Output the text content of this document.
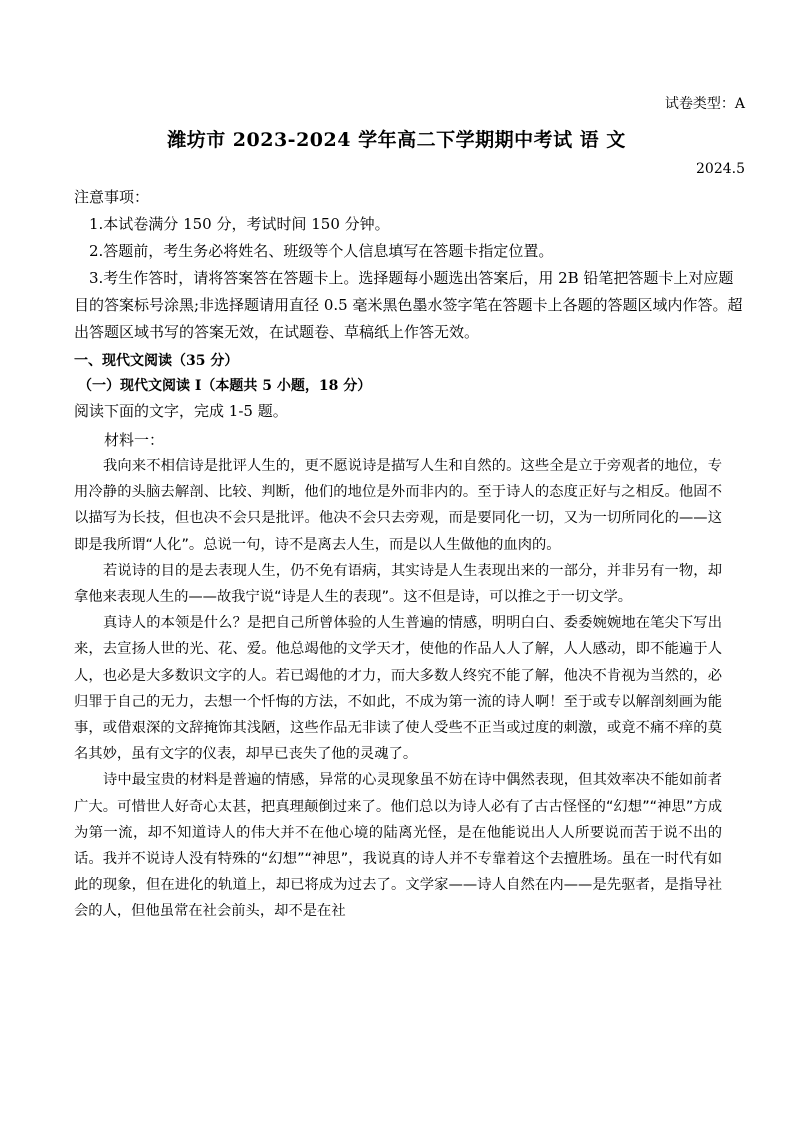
试卷类型：A
潍坊市 2023-2024 学年高二下学期期中考试 语 文
2024.5

注意事项：

1.本试卷满分 150 分，考试时间 150 分钟。

2.答题前，考生务必将姓名、班级等个人信息填写在答题卡指定位置。

3.考生作答时，请将答案答在答题卡上。选择题每小题选出答案后，用 2B 铅笔把答题卡上对应题目的答案标号涂黑;非选择题请用直径 0.5 毫米黑色墨水签字笔在答题卡上各题的答题区域内作答。超出答题区域书写的答案无效，在试题卷、草稿纸上作答无效。

一、现代文阅读（35 分）
（一）现代文阅读 I（本题共 5 小题，18 分）
阅读下面的文字，完成 1-5 题。
材料一：

我向来不相信诗是批评人生的，更不愿说诗是描写人生和自然的。这些全是立于旁观者的地位，专用冷静的头脑去解剖、比较、判断，他们的地位是外而非内的。至于诗人的态度正好与之相反。他固不以描写为长技，但也决不会只是批评。他决不会只去旁观，而是要同化一切，又为一切所同化的——这即是我所谓“人化”。总说一句，诗不是离去人生，而是以人生做他的血肉的。

若说诗的目的是去表现人生，仍不免有语病，其实诗是人生表现出来的一部分，并非另有一物，却拿他来表现人生的——故我宁说“诗是人生的表现”。这不但是诗，可以推之于一切文学。

真诗人的本领是什么？是把自己所曾体验的人生普遍的情感，明明白白、委委婉婉地在笔尖下写出来，去宣扬人世的光、花、爱。他总竭他的文学天才，使他的作品人人了解，人人感动，即不能遍于人人，也必是大多数识文字的人。若已竭他的才力，而大多数人终究不能了解，他决不肯视为当然的，必归罪于自己的无力，去想一个忏悔的方法，不如此，不成为第一流的诗人啊！至于或专以解剖刻画为能事，或借艰深的文辞掩饰其浅陋，这些作品无非读了使人受些不正当或过度的刺激，或竟不痛不痒的莫名其妙，虽有文字的仪表，却早已丧失了他的灵魂了。

诗中最宝贵的材料是普遍的情感，异常的心灵现象虽不妨在诗中偶然表现，但其效率决不能如前者广大。可惜世人好奇心太甚，把真理颠倒过来了。他们总以为诗人必有了古古怪怪的“幻想”“神思”方成为第一流，却不知道诗人的伟大并不在他心境的陆离光怪，是在他能说出人人所要说而苦于说不出的话。我并不说诗人没有特殊的“幻想”“神思”，我说真的诗人并不专靠着这个去擅胜场。虽在一时代有如此的现象，但在进化的轨道上，却已将成为过去了。文学家——诗人自然在内——是先驱者，是指导社会的人，但他虽常在社会前头，却不是在社
